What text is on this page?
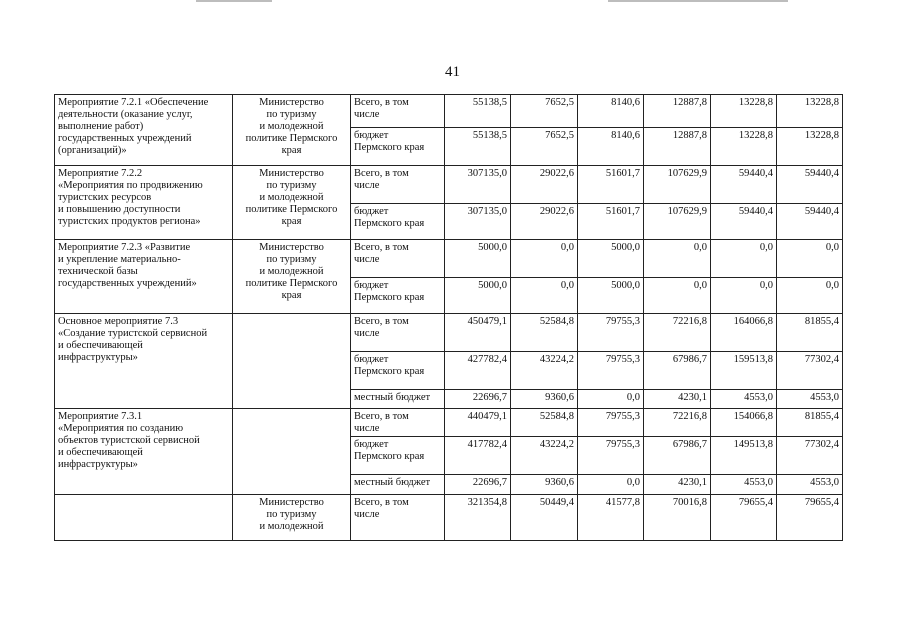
41
Мероприятие 7.2.1 «Обеспечение
деятельности (оказание услуг,
выполнение работ)
государственных учреждений
(организаций)»	Министерство
по туризму
и молодежной
политике Пермского
края	Всего, в том
числе	55138,5	7652,5	8140,6	12887,8	13228,8	13228,8
		бюджет
Пермского края	55138,5	7652,5	8140,6	12887,8	13228,8	13228,8
Мероприятие 7.2.2
«Мероприятия по продвижению
туристских ресурсов
и повышению доступности
туристских продуктов региона»	Министерство
по туризму
и молодежной
политике Пермского
края	Всего, в том
числе	307135,0	29022,6	51601,7	107629,9	59440,4	59440,4
		бюджет
Пермского края	307135,0	29022,6	51601,7	107629,9	59440,4	59440,4
Мероприятие 7.2.3 «Развитие
и укрепление материально-
технической базы
государственных учреждений»	Министерство
по туризму
и молодежной
политике Пермского
края	Всего, в том
числе	5000,0	0,0	5000,0	0,0	0,0	0,0
		бюджет
Пермского края	5000,0	0,0	5000,0	0,0	0,0	0,0
Основное мероприятие 7.3
«Создание туристской сервисной
и обеспечивающей
инфраструктуры»		Всего, в том
числе	450479,1	52584,8	79755,3	72216,8	164066,8	81855,4
		бюджет
Пермского края	427782,4	43224,2	79755,3	67986,7	159513,8	77302,4
		местный бюджет	22696,7	9360,6	0,0	4230,1	4553,0	4553,0
Мероприятие 7.3.1
«Мероприятия по созданию
объектов туристской сервисной
и обеспечивающей
инфраструктуры»		Всего, в том
числе	440479,1	52584,8	79755,3	72216,8	154066,8	81855,4
		бюджет
Пермского края	417782,4	43224,2	79755,3	67986,7	149513,8	77302,4
		местный бюджет	22696,7	9360,6	0,0	4230,1	4553,0	4553,0
	Министерство
по туризму
и молодежной	Всего, в том
числе	321354,8	50449,4	41577,8	70016,8	79655,4	79655,4
